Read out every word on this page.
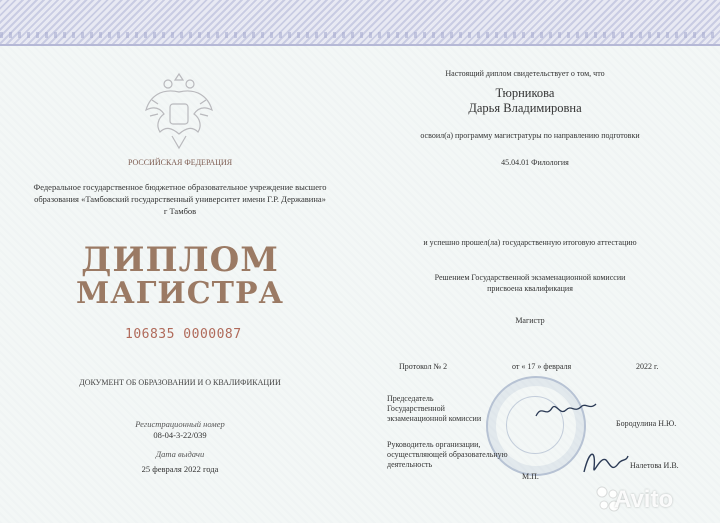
РОССИЙСКАЯ ФЕДЕРАЦИЯ
Федеральное государственное бюджетное образовательное учреждение высшего
образования «Тамбовский государственный университет имени Г.Р. Державина»
г Тамбов
ДИПЛОМ
МАГИСТРА
106835 0000087
ДОКУМЕНТ ОБ ОБРАЗОВАНИИ И О КВАЛИФИКАЦИИ
Регистрационный номер
08-04-3-22/039
Дата выдачи
25 февраля 2022 года
Настоящий диплом свидетельствует о том, что
Тюрникова
Дарья Владимировна
освоил(а) программу магистратуры по направлению подготовки
45.04.01 Филология
и успешно прошел(ла) государственную итоговую аттестацию
Решением Государственной экзаменационной комиссии
присвоена квалификация
Магистр
Протокол № 2	от « 17 » февраля	2022 г.
Председатель
Государственной
экзаменационной комиссии
Бородулина Н.Ю.
Руководитель организации,
осуществляющей образовательную
деятельность	Налетова И.В.
М.П.
Avito
